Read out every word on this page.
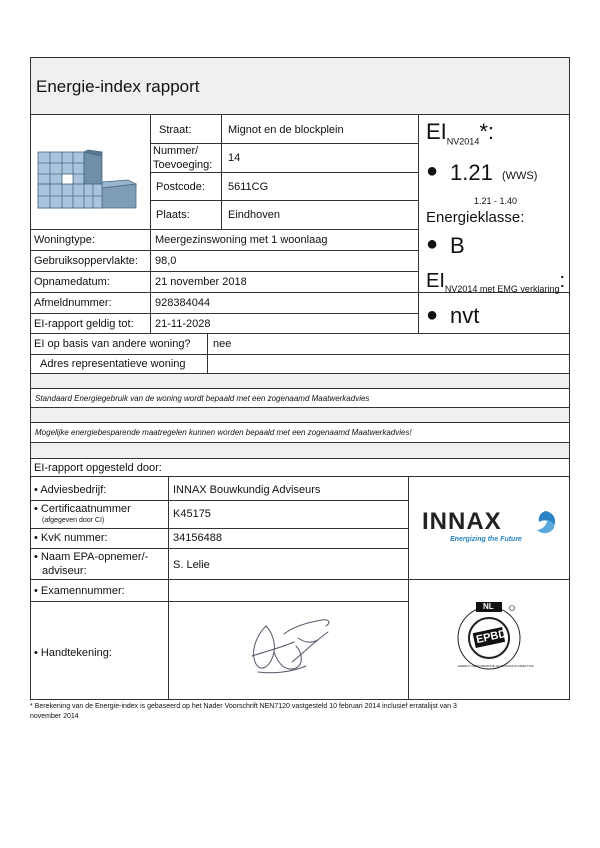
Energie-index rapport
Straat:	Mignot en de blockplein
Nummer/
Toevoeging:
14
Postcode: 5611CG
Plaats:	Eindhoven
$EI_{NV2014}*$:
● 1.21 (WWS)
1.21 - 1.40
Energieklasse:
● B
$EI_{NV2014 met EMG verklaring}$:
● nvt
Woningtype:	Meergezinswoning met 1 woonlaag
Gebruiksoppervlakte: 98,0
Opnamedatum:	21 november 2018
Afmeldnummer:	928384044
EI-rapport geldig tot: 21-11-2028
EI op basis van andere woning? nee
Adres representatieve woning
Standaard Energiegebruik van de woning wordt bepaald met een zogenaamd Maatwerkadvies
Mogelijke energiebesparende maatregelen kunnen worden bepaald met een zogenaamd Maatwerkadvies!
EI-rapport opgesteld door:
• Adviesbedrijf:	INNAX Bouwkundig Adviseurs
• Certificaatnummer
(afgegeven door CI)
K45175
• KvK nummer:	34156488
• Naam EPA-opnemer/-
adviseur:	S. Lelie
• Examennummer:
• Handtekening:
INNAX
Energizing the Future
NL
EPBD
ENERGY PERFORMANCE OF BUILDINGS DIRECTIVE
* Berekening van de Energie-index is gebaseerd op het Nader Voorschrift NEN7120 vastgesteld 10 februari 2014 inclusief erratalijst van 3
november 2014
